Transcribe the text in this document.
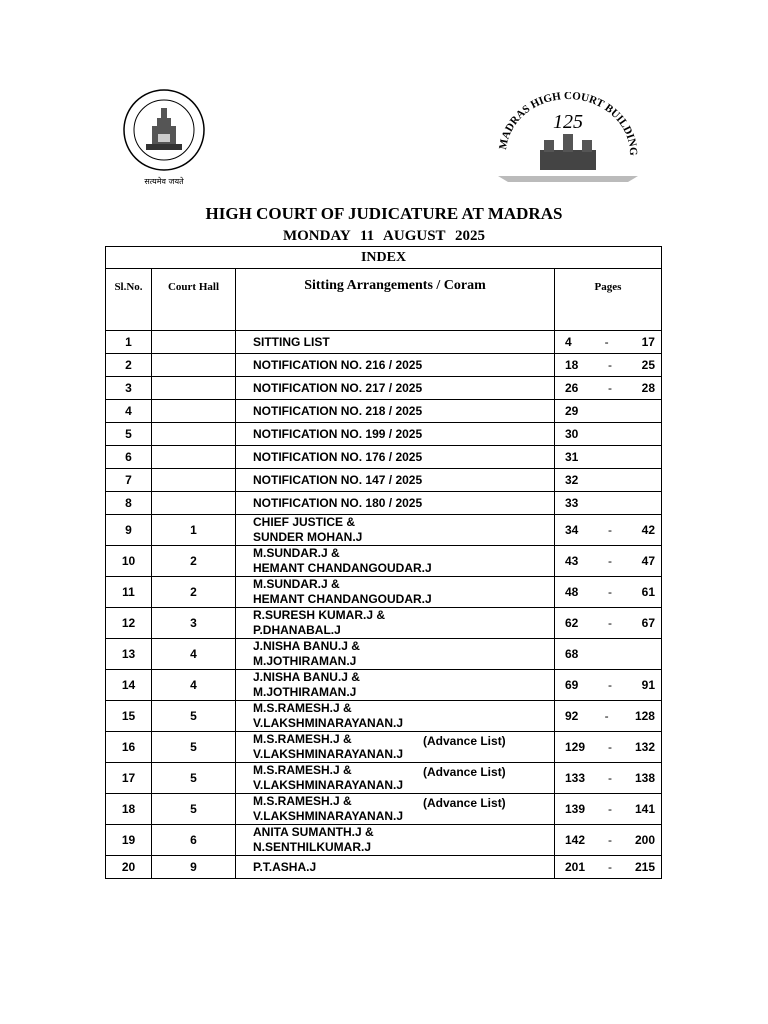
सत्यमेव जयते
MADRAS HIGH COURT BUILDING
125
HIGH COURT OF JUDICATURE AT MADRAS
MONDAY 11 AUGUST 2025
INDEX			
Sl.No.	Court Hall	Sitting Arrangements / Coram	Pages
1		SITTING LIST	4 - 17

2		NOTIFICATION NO. 216 / 2025	18 - 25

3		NOTIFICATION NO. 217 / 2025	26 - 28

4		NOTIFICATION NO. 218 / 2025	29

5		NOTIFICATION NO. 199 / 2025	30

6		NOTIFICATION NO. 176 / 2025	31

7		NOTIFICATION NO. 147 / 2025	32

8		NOTIFICATION NO. 180 / 2025	33

9	1	CHIEF JUSTICE &
SUNDER MOHAN.J	34 - 42

10	2	M.SUNDAR.J &
HEMANT CHANDANGOUDAR.J	43 - 47

11	2	M.SUNDAR.J &
HEMANT CHANDANGOUDAR.J	48 - 61

12	3	R.SURESH KUMAR.J &
P.DHANABAL.J	62 - 67

13	4	J.NISHA BANU.J &
M.JOTHIRAMAN.J	68

14	4	J.NISHA BANU.J &
M.JOTHIRAMAN.J	69 - 91

15	5	M.S.RAMESH.J &
V.LAKSHMINARAYANAN.J	92 - 128

16	5	M.S.RAMESH.J &
V.LAKSHMINARAYANAN.J
(Advance List)	129 - 132

17	5	M.S.RAMESH.J &
V.LAKSHMINARAYANAN.J
(Advance List)	133 - 138

18	5	M.S.RAMESH.J &
V.LAKSHMINARAYANAN.J
(Advance List)	139 - 141

19	6	ANITA SUMANTH.J &
N.SENTHILKUMAR.J	142 - 200

20	9	P.T.ASHA.J	201 - 215
